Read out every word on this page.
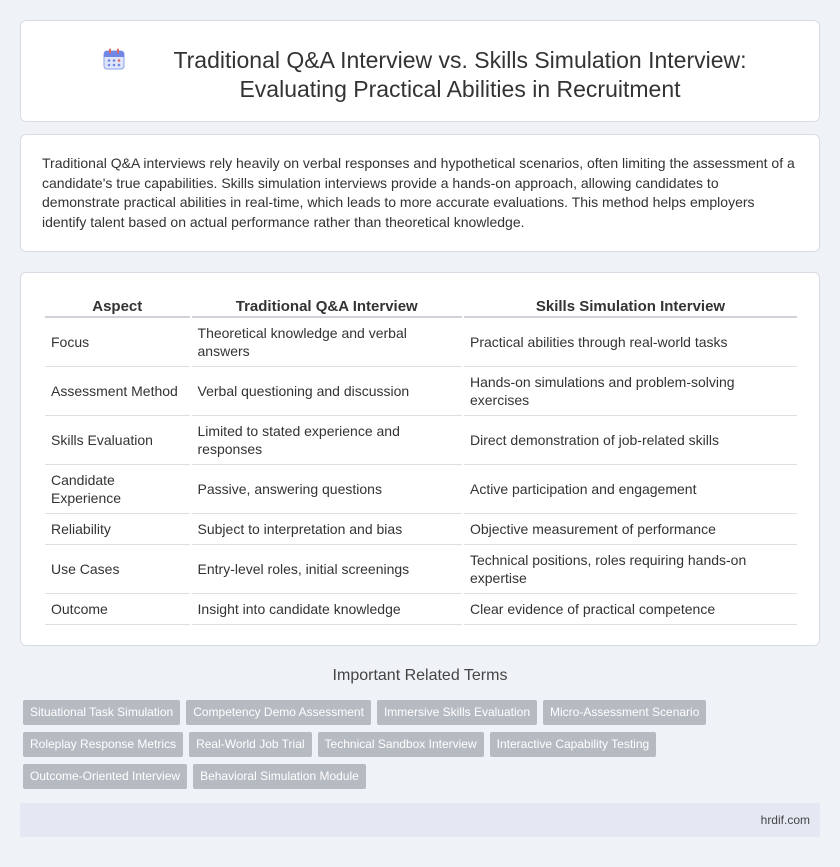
Traditional Q&A Interview vs. Skills Simulation Interview: Evaluating Practical Abilities in Recruitment

Traditional Q&A interviews rely heavily on verbal responses and hypothetical scenarios, often limiting the assessment of a candidate's true capabilities. Skills simulation interviews provide a hands-on approach, allowing candidates to demonstrate practical abilities in real-time, which leads to more accurate evaluations. This method helps employers identify talent based on actual performance rather than theoretical knowledge.

Aspect	Traditional Q&A Interview	Skills Simulation Interview
Focus	Theoretical knowledge and verbal answers	Practical abilities through real-world tasks
Assessment Method	Verbal questioning and discussion	Hands-on simulations and problem-solving exercises
Skills Evaluation	Limited to stated experience and responses	Direct demonstration of job-related skills
Candidate Experience	Passive, answering questions	Active participation and engagement
Reliability	Subject to interpretation and bias	Objective measurement of performance
Use Cases	Entry-level roles, initial screenings	Technical positions, roles requiring hands-on expertise
Outcome	Insight into candidate knowledge	Clear evidence of practical competence
Important Related Terms
Situational Task Simulation	Competency Demo Assessment	Immersive Skills Evaluation	Micro-Assessment Scenario
Roleplay Response Metrics	Real-World Job Trial	Technical Sandbox Interview	Interactive Capability Testing
Outcome-Oriented Interview	Behavioral Simulation Module
hrdif.com
